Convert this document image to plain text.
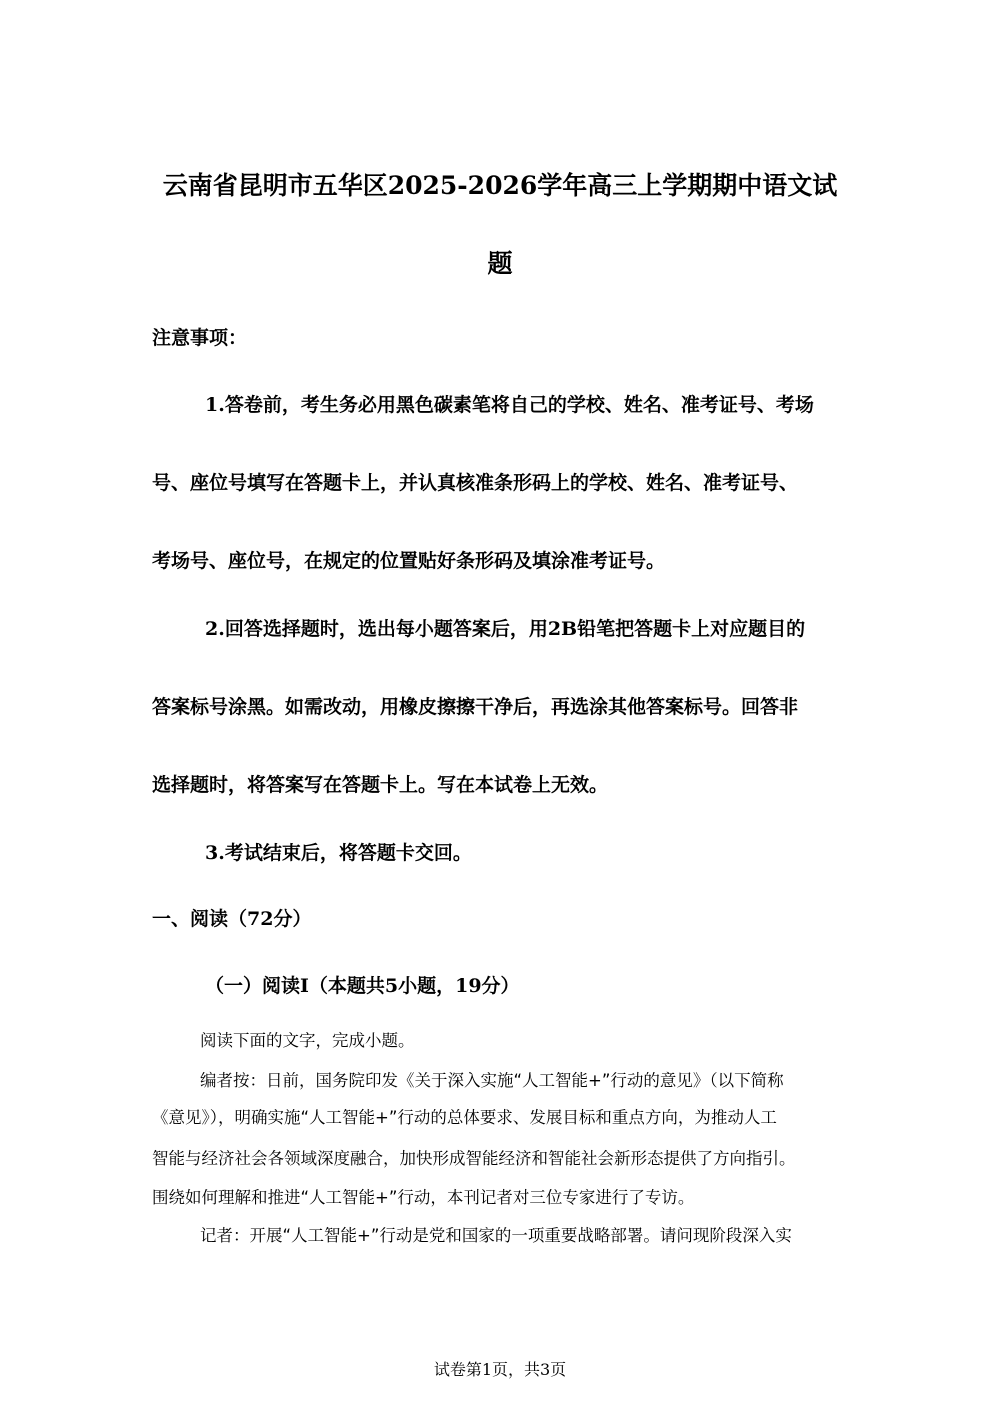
云南省昆明市五华区2025-2026学年高三上学期期中语文试
题
注意事项：
1.答卷前，考生务必用黑色碳素笔将自己的学校、姓名、准考证号、考场
号、座位号填写在答题卡上，并认真核准条形码上的学校、姓名、准考证号、
考场号、座位号，在规定的位置贴好条形码及填涂准考证号。
2.回答选择题时，选出每小题答案后，用2B铅笔把答题卡上对应题目的
答案标号涂黑。如需改动，用橡皮擦擦干净后，再选涂其他答案标号。回答非
选择题时，将答案写在答题卡上。写在本试卷上无效。
3.考试结束后，将答题卡交回。
一、阅读（72分）
（一）阅读Ⅰ（本题共5小题，19分）
阅读下面的文字，完成小题。
编者按：日前，国务院印发《关于深入实施“人工智能+”行动的意见》（以下简称
《意见》），明确实施“人工智能+”行动的总体要求、发展目标和重点方向，为推动人工
智能与经济社会各领域深度融合，加快形成智能经济和智能社会新形态提供了方向指引。
围绕如何理解和推进“人工智能+”行动，本刊记者对三位专家进行了专访。
记者：开展“人工智能+”行动是党和国家的一项重要战略部署。请问现阶段深入实
试卷第1页，共3页
